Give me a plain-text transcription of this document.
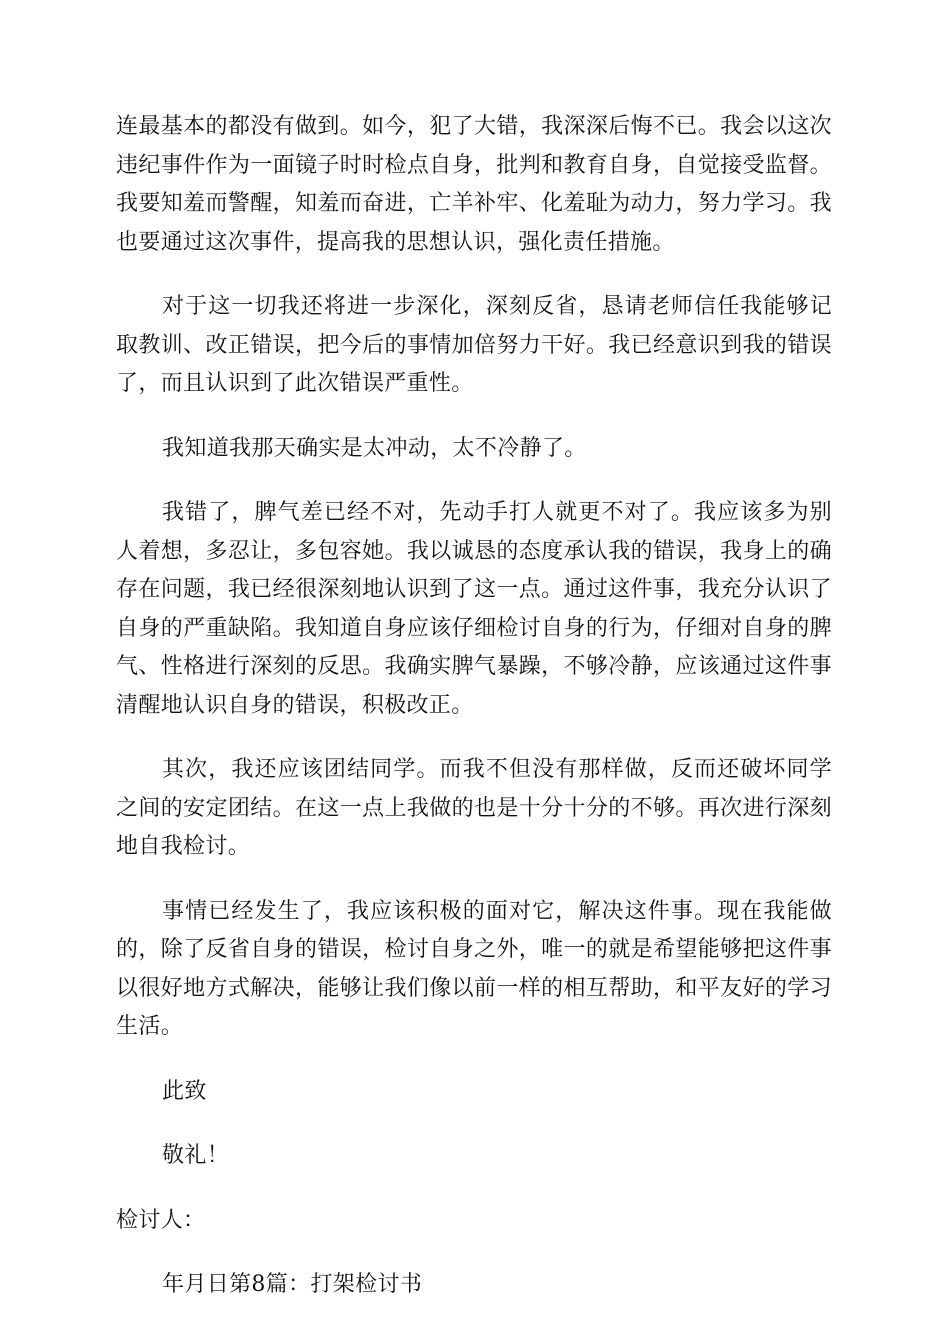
连最基本的都没有做到。如今，犯了大错，我深深后悔不已。我会以这次违纪事件作为一面镜子时时检点自身，批判和教育自身，自觉接受监督。我要知羞而警醒，知羞而奋进，亡羊补牢、化羞耻为动力，努力学习。我也要通过这次事件，提高我的思想认识，强化责任措施。

对于这一切我还将进一步深化，深刻反省，恳请老师信任我能够记取教训、改正错误，把今后的事情加倍努力干好。我已经意识到我的错误了，而且认识到了此次错误严重性。

我知道我那天确实是太冲动，太不冷静了。

我错了，脾气差已经不对，先动手打人就更不对了。我应该多为别人着想，多忍让，多包容她。我以诚恳的态度承认我的错误，我身上的确存在问题，我已经很深刻地认识到了这一点。通过这件事，我充分认识了自身的严重缺陷。我知道自身应该仔细检讨自身的行为，仔细对自身的脾气、性格进行深刻的反思。我确实脾气暴躁，不够冷静，应该通过这件事清醒地认识自身的错误，积极改正。

其次，我还应该团结同学。而我不但没有那样做，反而还破坏同学之间的安定团结。在这一点上我做的也是十分十分的不够。再次进行深刻地自我检讨。

事情已经发生了，我应该积极的面对它，解决这件事。现在我能做的，除了反省自身的错误，检讨自身之外，唯一的就是希望能够把这件事以很好地方式解决，能够让我们像以前一样的相互帮助，和平友好的学习生活。

此致

敬礼！

检讨人：

年月日第8篇：打架检讨书
